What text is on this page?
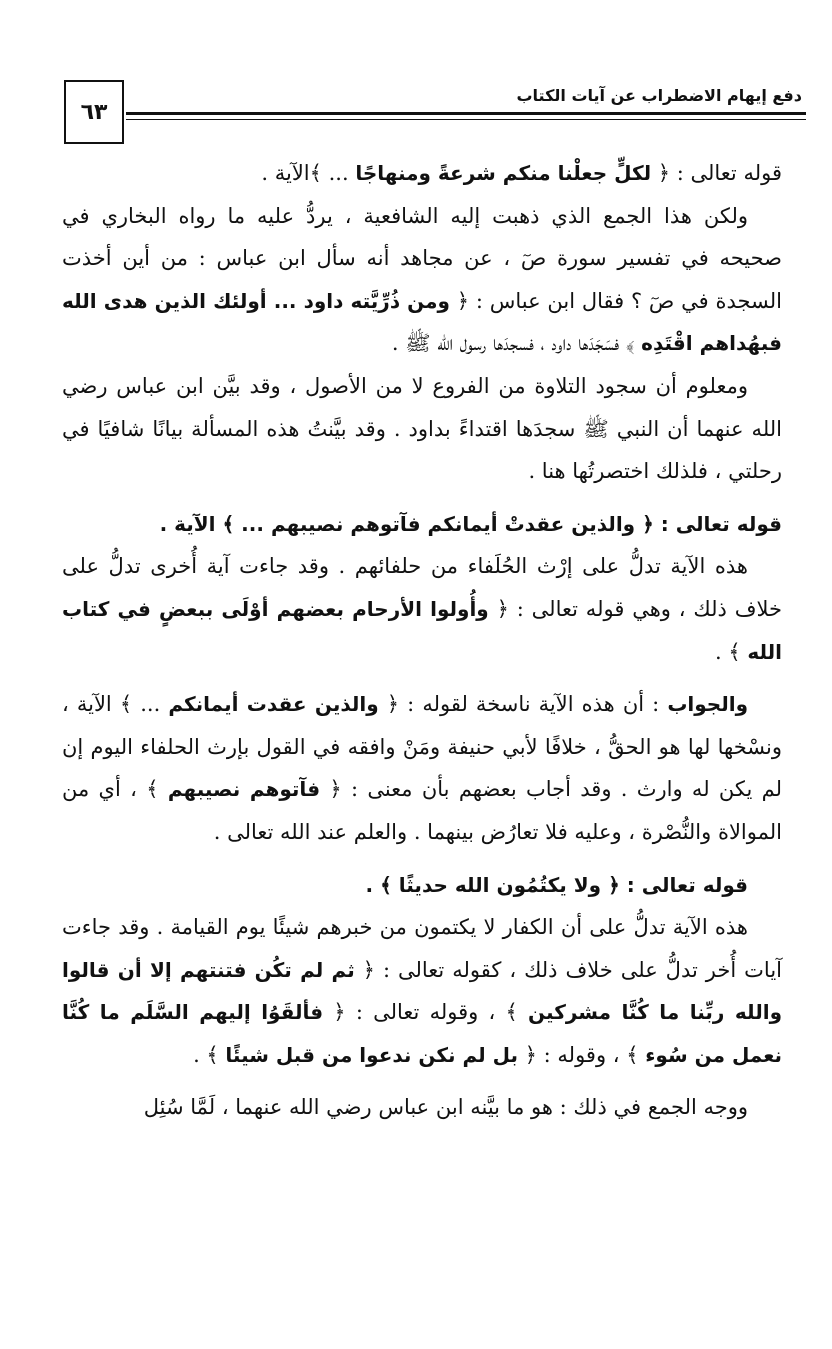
دفع إيهام الاضطراب عن آيات الكتاب
٦٣

قوله تعالى : ﴿ لكلٍّ جعلْنا منكم شرعةً ومنهاجًا ... ﴾الآية .

ولكن هذا الجمع الذي ذهبت إليه الشافعية ، يردُّ عليه ما رواه البخاري في صحيحه في تفسير سورة صٓ ، عن مجاهد أنه سأل ابن عباس : من أين أخذت السجدة في صٓ ؟ فقال ابن عباس : ﴿ ومن ذُرِّيَّته داود ... أولئك الذين هدى الله فبهُداهم اقْتَدِه ﴾ فسَجَدَها داود ، فسجدَها رسول الله ﷺ .

ومعلوم أن سجود التلاوة من الفروع لا من الأصول ، وقد بيَّن ابن عباس رضي الله عنهما أن النبي ﷺ سجدَها اقتداءً بداود . وقد بيَّنتُ هذه المسألة بيانًا شافيًا في رحلتي ، فلذلك اختصرتُها هنا .

قوله تعالى : ﴿ والذين عقدتْ أيمانكم فآتوهم نصيبهم ... ﴾ الآية .

هذه الآية تدلُّ على إرْث الحُلَفاء من حلفائهم . وقد جاءت آية أُخرى تدلُّ على خلاف ذلك ، وهي قوله تعالى : ﴿ وأُولوا الأرحام بعضهم أوْلَى ببعضٍ في كتاب الله ﴾ .

والجواب : أن هذه الآية ناسخة لقوله : ﴿ والذين عقدت أيمانكم ... ﴾ الآية ، ونسْخها لها هو الحقُّ ، خلافًا لأبي حنيفة ومَنْ وافقه في القول بإرث الحلفاء اليوم إن لم يكن له وارث . وقد أجاب بعضهم بأن معنى : ﴿ فآتوهم نصيبهم ﴾ ، أي من الموالاة والنُّصْرة ، وعليه فلا تعارُض بينهما . والعلم عند الله تعالى .

قوله تعالى : ﴿ ولا يكتُمُون الله حديثًا ﴾ .

هذه الآية تدلُّ على أن الكفار لا يكتمون من خبرهم شيئًا يوم القيامة . وقد جاءت آيات أُخر تدلُّ على خلاف ذلك ، كقوله تعالى : ﴿ ثم لم تكُن فتنتهم إلا أن قالوا والله ربِّنا ما كُنَّا مشركين ﴾ ، وقوله تعالى : ﴿ فألقَوُا إليهم السَّلَم ما كُنَّا نعمل من سُوء ﴾ ، وقوله : ﴿ بل لم نكن ندعوا من قبل شيئًا ﴾ .

ووجه الجمع في ذلك : هو ما بيَّنه ابن عباس رضي الله عنهما ، لَمَّا سُئِل
